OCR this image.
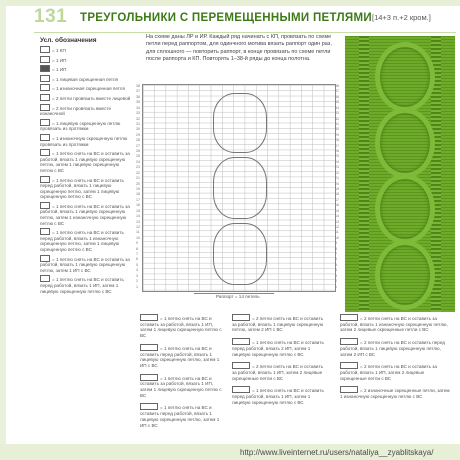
131 ТРЕУГОЛЬНИКИ С ПЕРЕМЕЩЕННЫМИ ПЕТЛЯМИ [14+3 п.+2 кром.]
Усл. обозначения
= 1 КП
= 1 ИП
= 1 ИП
= 1 лицевая скрещенная петля
= 1 изнаночная скрещенная петля
= 2 петли провязать вместе лицевой
= 2 петли провязать вместе изнаночной
= 1 лицевую скрещенную петлю провязать из протяжки
= 1 изнаночную скрещенную петлю провязать из протяжки
= 1 петлю снять на ВС и оставить за работой, вязать 1 лицевую скрещенную петлю, затем 1 лицевую скрещенную петлю с ВС
= 1 петлю снять на ВС и оставить перед работой, вязать 1 лицевую скрещенную петлю, затем 1 лицевую скрещенную петлю с ВС
= 1 петлю снять на ВС и оставить за работой, вязать 1 лицевую скрещенную петлю, затем 1 изнаночную скрещенную петлю с ВС
= 1 петлю снять на ВС и оставить перед работой, вязать 1 изнаночную скрещенную петлю, затем 1 лицевую скрещенную петлю с ВС
= 1 петлю снять на ВС и оставить за работой, вязать 1 лицевую скрещенную петлю, затем 1 ИП с ВС
= 1 петлю снять на ВС и оставить перед работой, вязать 1 ИП, затем 1 лицевую скрещенную петлю с ВС
На схеме даны ЛР и ИР. Каждый ряд начинать с КП, провязать по схеме петли перед раппортом, для одинчного мотива вязать раппорт один раз, для сплошного — повторить раппорт, в конце провязать по схеме петли после раппорта и КП. Повторять 1–38-й ряды до конца полотна.
38
37
36
35
34
33
32
31
30
29
28
27
26
25
24
23
22
21
20
19
18
17
16
15
14
13
12
11
10
9
8
7
6
5
4
3
2
1
38
37
36
35
34
33
32
31
30
29
28
27
26
25
24
23
22
21
20
19
18
17
16
15
14
13
12
11
10
9
8
7
6
5
4
3
2
1
Раппорт = 14 петель
= 1 петлю снять на ВС и оставить за работой, вязать 1 ИП, затем 1 лицевую скрещенную петлю с ВС
= 1 петлю снять на ВС и оставить перед работой, вязать 1 лицевую скрещенную петлю, затем 1 ИП с ВС
= 1 петлю снять на ВС и оставить за работой, вязать 1 ИП, затем 1 лицевую скрещенную петлю с ВС
= 1 петлю снять на ВС и оставить перед работой, вязать 1 лицевую скрещенную петлю, затем 1 ИП с ВС
= 2 петли снять на ВС и оставить за работой, вязать 1 лицевую скрещенную петлю, затем 2 ИП с ВС
= 1 петлю снять на ВС и оставить перед работой, вязать 2 ИП, затем 1 лицевую скрещенную петлю с ВС
= 2 петли снять на ВС и оставить за работой, вязать 1 ИП, затем 2 лицевые скрещенные петли с ВС
= 1 петлю снять на ВС и оставить перед работой, вязать 1 ИП, затем 1 лицевую скрещенную петлю с ВС
= 2 петли снять на ВС и оставить за работой, вязать 1 изнаночную скрещенную петлю, затем 2 лицевые скрещенные петли с ВС
= 2 петли снять на ВС и оставить перед работой, вязать 1 лицевую скрещенную петлю, затем 2 ИП с ВС
= 2 петли снять на ВС и оставить за работой, вязать 1 ИП, затем 2 лицевые скрещенные петли с ВС
= 2 изнаночные скрещенные петли, затем 1 изнаночную скрещенную петлю с ВС
http://www.liveinternet.ru/users/nataliya__zyablitskaya/
